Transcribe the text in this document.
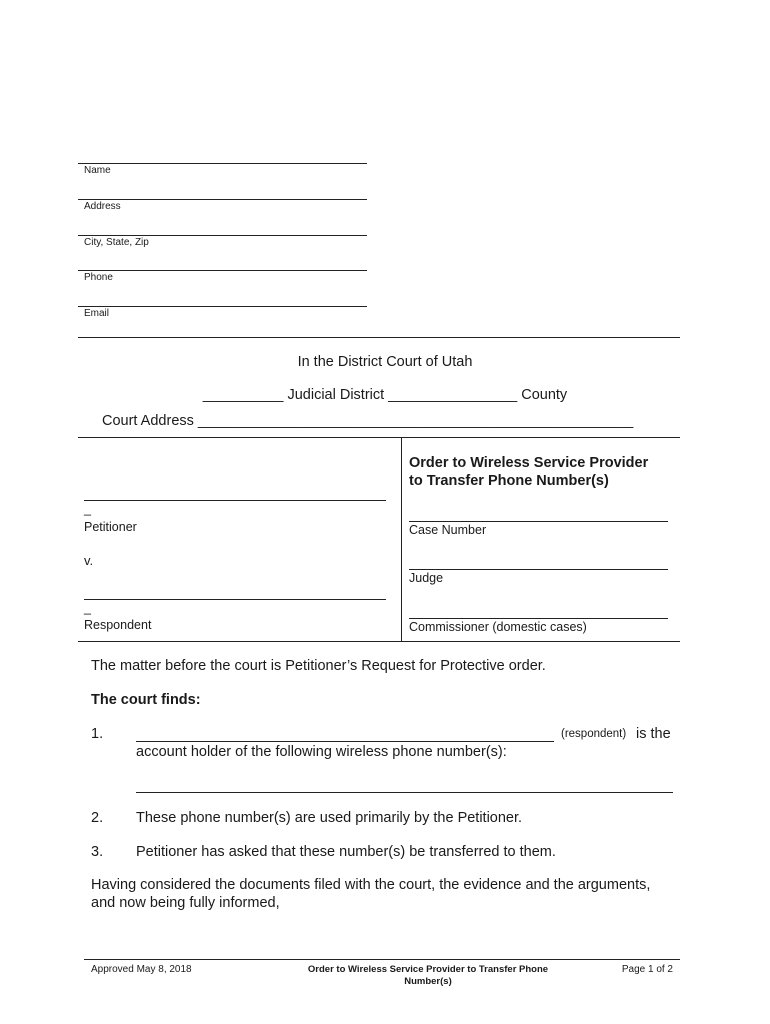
Name
Address
City, State, Zip
Phone
Email
In the District Court of Utah
__________ Judicial District ________________ County
Court Address ______________________________________________________
_
Petitioner
v.
_
Respondent
Order to Wireless Service Provider
to Transfer Phone Number(s)
Case Number
Judge
Commissioner (domestic cases)
The matter before the court is Petitioner’s Request for Protective order.
The court finds:
1.	(respondent) is the
account holder of the following wireless phone number(s):
2. These phone number(s) are used primarily by the Petitioner.
3. Petitioner has asked that these number(s) be transferred to them.
Having considered the documents filed with the court, the evidence and the arguments,
and now being fully informed,
Approved May 8, 2018	Order to Wireless Service Provider to Transfer Phone
Number(s)
Page 1 of 2
